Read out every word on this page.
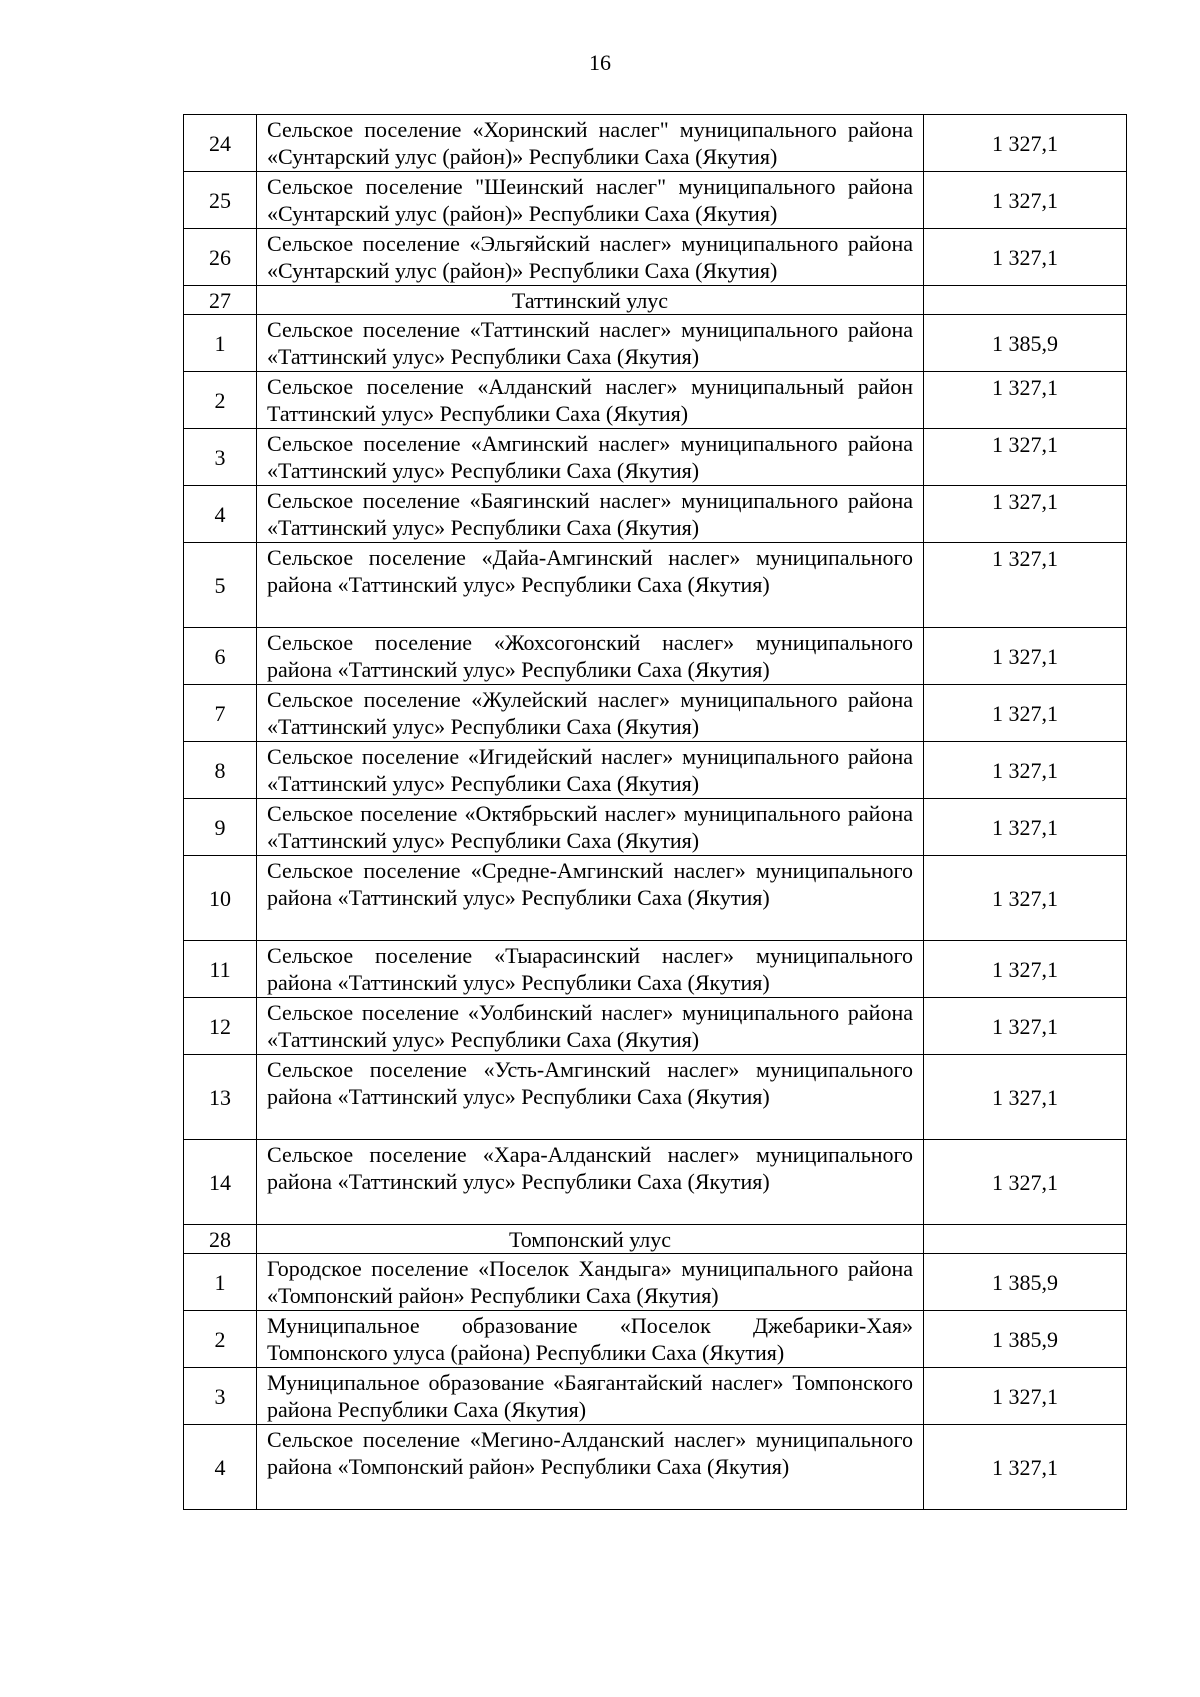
16
24	Сельское поселение «Хоринский наслег" муниципального района «Сунтарский улус (район)» Республики Саха (Якутия)	1 327,1
25	Сельское поселение "Шеинский наслег" муниципального района «Сунтарский улус (район)» Республики Саха (Якутия)	1 327,1
26	Сельское поселение «Эльгяйский наслег» муниципального района «Сунтарский улус (район)» Республики Саха (Якутия)	1 327,1
27	Таттинский улус	
1	Сельское поселение «Таттинский наслег» муниципального района «Таттинский улус» Республики Саха (Якутия)	1 385,9
2	Сельское поселение «Алданский наслег» муниципальный район Таттинский улус» Республики Саха (Якутия)	1 327,1
3	Сельское поселение «Амгинский наслег» муниципального района «Таттинский улус» Республики Саха (Якутия)	1 327,1
4	Сельское поселение «Баягинский наслег» муниципального района «Таттинский улус» Республики Саха (Якутия)	1 327,1
5	Сельское поселение «Дайа-Амгинский наслег» муниципального района «Таттинский улус» Республики Саха (Якутия)	1 327,1
6	Сельское поселение «Жохсогонский наслег» муниципального района «Таттинский улус» Республики Саха (Якутия)	1 327,1
7	Сельское поселение «Жулейский наслег» муниципального района «Таттинский улус» Республики Саха (Якутия)	1 327,1
8	Сельское поселение «Игидейский наслег» муниципального района «Таттинский улус» Республики Саха (Якутия)	1 327,1
9	Сельское поселение «Октябрьский наслег» муниципального района «Таттинский улус» Республики Саха (Якутия)	1 327,1
10	Сельское поселение «Средне-Амгинский наслег» муниципального района «Таттинский улус» Республики Саха (Якутия)	1 327,1
11	Сельское поселение «Тыарасинский наслег» муниципального района «Таттинский улус» Республики Саха (Якутия)	1 327,1
12	Сельское поселение «Уолбинский наслег» муниципального района «Таттинский улус» Республики Саха (Якутия)	1 327,1
13	Сельское поселение «Усть-Амгинский наслег» муниципального района «Таттинский улус» Республики Саха (Якутия)	1 327,1
14	Сельское поселение «Хара-Алданский наслег» муниципального района «Таттинский улус» Республики Саха (Якутия)	1 327,1
28	Томпонский улус	
1	Городское поселение «Поселок Хандыга» муниципального района «Томпонский район» Республики Саха (Якутия)	1 385,9
2	Муниципальное образование «Поселок Джебарики-Хая» Томпонского улуса (района) Республики Саха (Якутия)	1 385,9
3	Муниципальное образование «Баягантайский наслег» Томпонского района Республики Саха (Якутия)	1 327,1
4	Сельское поселение «Мегино-Алданский наслег» муниципального района «Томпонский район» Республики Саха (Якутия)	1 327,1
